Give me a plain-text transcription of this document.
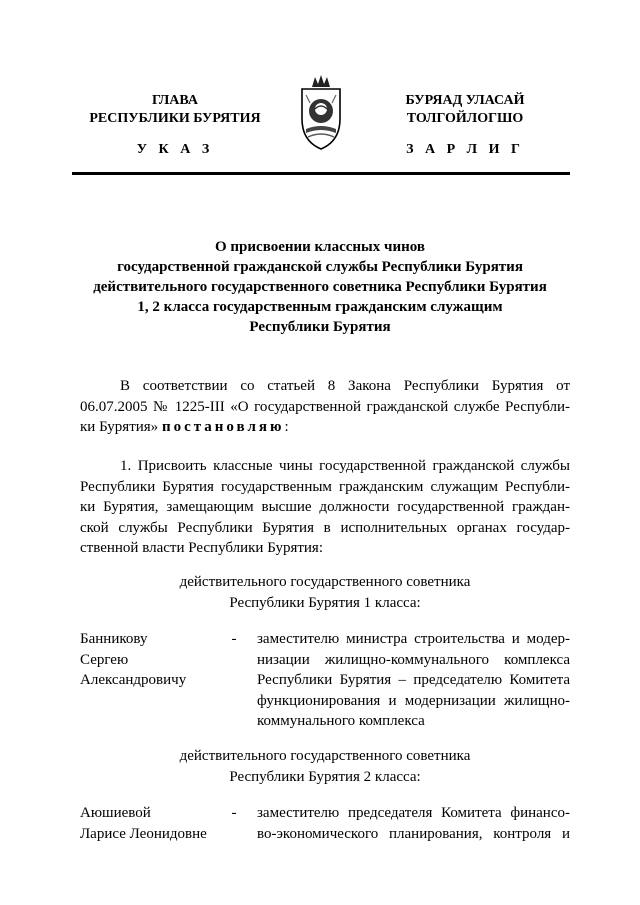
ГЛАВА
РЕСПУБЛИКИ БУРЯТИЯ
БУРЯАД УЛАСАЙ
ТОЛГОЙЛОГШО
У К А З	З А Р Л И Г
О присвоении классных чинов
государственной гражданской службы Республики Бурятия
действительного государственного советника Республики Бурятия
1, 2 класса государственным гражданским служащим
Республики Бурятия
В соответствии со статьей 8 Закона Республики Бурятия от
06.07.2005 № 1225-III «О государственной гражданской службе Республи-
ки Бурятия» постановляю:
1. Присвоить классные чины государственной гражданской службы
Республики Бурятия государственным гражданским служащим Республи-
ки Бурятия, замещающим высшие должности государственной граждан-
ской службы Республики Бурятия в исполнительных органах государ-
ственной власти Республики Бурятия:
действительного государственного советника
Республики Бурятия 1 класса:
Банникову
Сергею
Александровичу
- заместителю министра строительства и модер-
низации жилищно-коммунального комплекса
Республики Бурятия – председателю Комитета
функционирования и модернизации жилищно-
коммунального комплекса
действительного государственного советника
Республики Бурятия 2 класса:
Аюшиевой
Ларисе Леонидовне
- заместителю председателя Комитета финансо-
во-экономического планирования, контроля и
